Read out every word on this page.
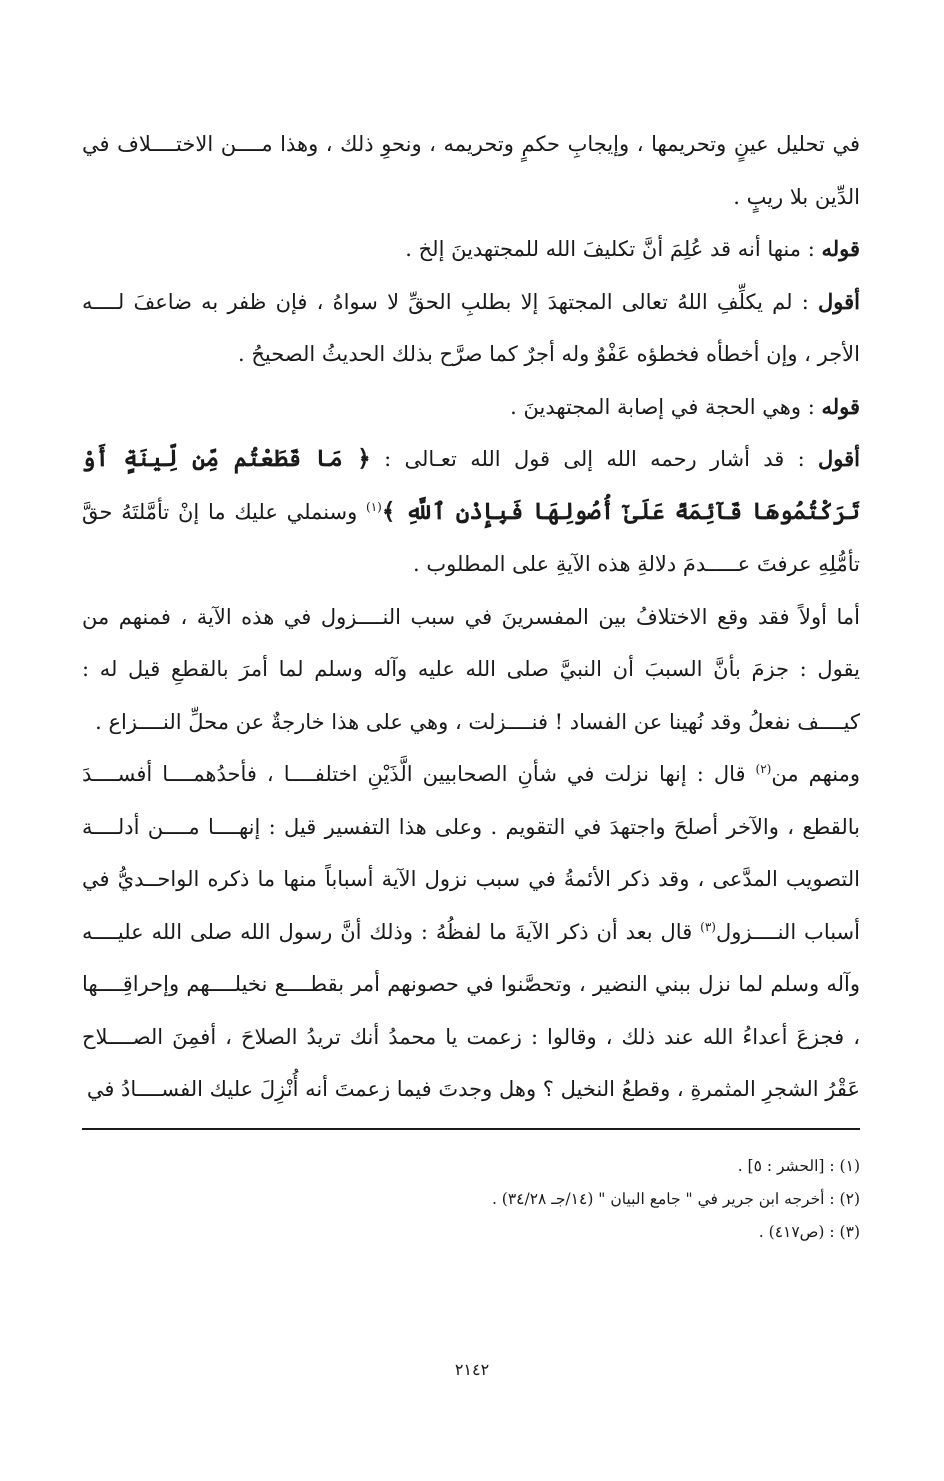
في تحليل عينٍ وتحريمها ، وإيجابِ حكمٍ وتحريمه ، ونحوِ ذلك ، وهذا مــــن الاختــــلاف في الدِّين بلا ريبٍ .

قوله : منها أنه قد عُلِمَ أنَّ تكليفَ الله للمجتهدينَ إلخ .

أقول : لم يكلِّفِ اللهُ تعالى المجتهدَ إلا بطلبِ الحقِّ لا سواهُ ، فإن ظفر به ضاعفَ لــــه الأجر ، وإن أخطأه فخطؤه عَفْوٌ وله أجرٌ كما صرَّح بذلك الحديثُ الصحيحُ .

قوله : وهي الحجة في إصابة المجتهدينَ .

أقول : قد أشار رحمه الله إلى قول الله تعـالى : ﴿ مَا قَطَعْتُم مِّن لِّينَةٍ أَوْ تَرَكْتُمُوهَا قَآئِمَةً عَلَىٰٓ أُصُولِهَا فَبِإِذْنِ ٱللَّهِ ﴾$^{(١)}$ وسنملي عليك ما إنْ تأمَّلتَهُ حقَّ تأمُّلِهِ عرفتَ عـــــدمَ دلالةِ هذه الآيةِ على المطلوب .

أما أولاً فقد وقع الاختلافُ بين المفسرينَ في سبب النــــزول في هذه الآية ، فمنهم من يقول : جزمَ بأنَّ السببَ أن النبيَّ صلى الله عليه وآله وسلم لما أمرَ بالقطعِ قيل له : كيــــف نفعلُ وقد نُهينا عن الفساد ! فنــــزلت ، وهي على هذا خارجةٌ عن محلِّ النــــزاع .

ومنهم من$^{(٢)}$ قال : إنها نزلت في شأنِ الصحابيين الَّذَيْنِ اختلفــــا ، فأحدُهمــــا أفســــدَ بالقطع ، والآخر أصلحَ واجتهدَ في التقويم . وعلى هذا التفسير قيل : إنهــــا مــــن أدلــــة التصويب المدَّعى ، وقد ذكر الأئمةُ في سبب نزول الآية أسباباً منها ما ذكره الواحــديُّ في أسباب النــــزول$^{(٣)}$ قال بعد أن ذكر الآيةَ ما لفظُهُ : وذلك أنَّ رسول الله صلى الله عليــــه وآله وسلم لما نزل ببني النضير ، وتحصَّنوا في حصونهم أمر بقطــــع نخيلــــهم وإحراقِــــها ، فجزعَ أعداءُ الله عند ذلك ، وقالوا : زعمت يا محمدُ أنك تريدُ الصلاحَ ، أفمِنَ الصــــلاح عَقْرُ الشجرِ المثمرةِ ، وقطعُ النخيل ؟ وهل وجدتَ فيما زعمتَ أنه أُنْزِلَ عليك الفســــادُ في

(١) : [الحشر : ٥] .

(٢) : أخرجه ابن جرير في " جامع البيان " (١٤/جـ ٣٤/٢٨) .

(٣) : (ص٤١٧) .

٢١٤٢
